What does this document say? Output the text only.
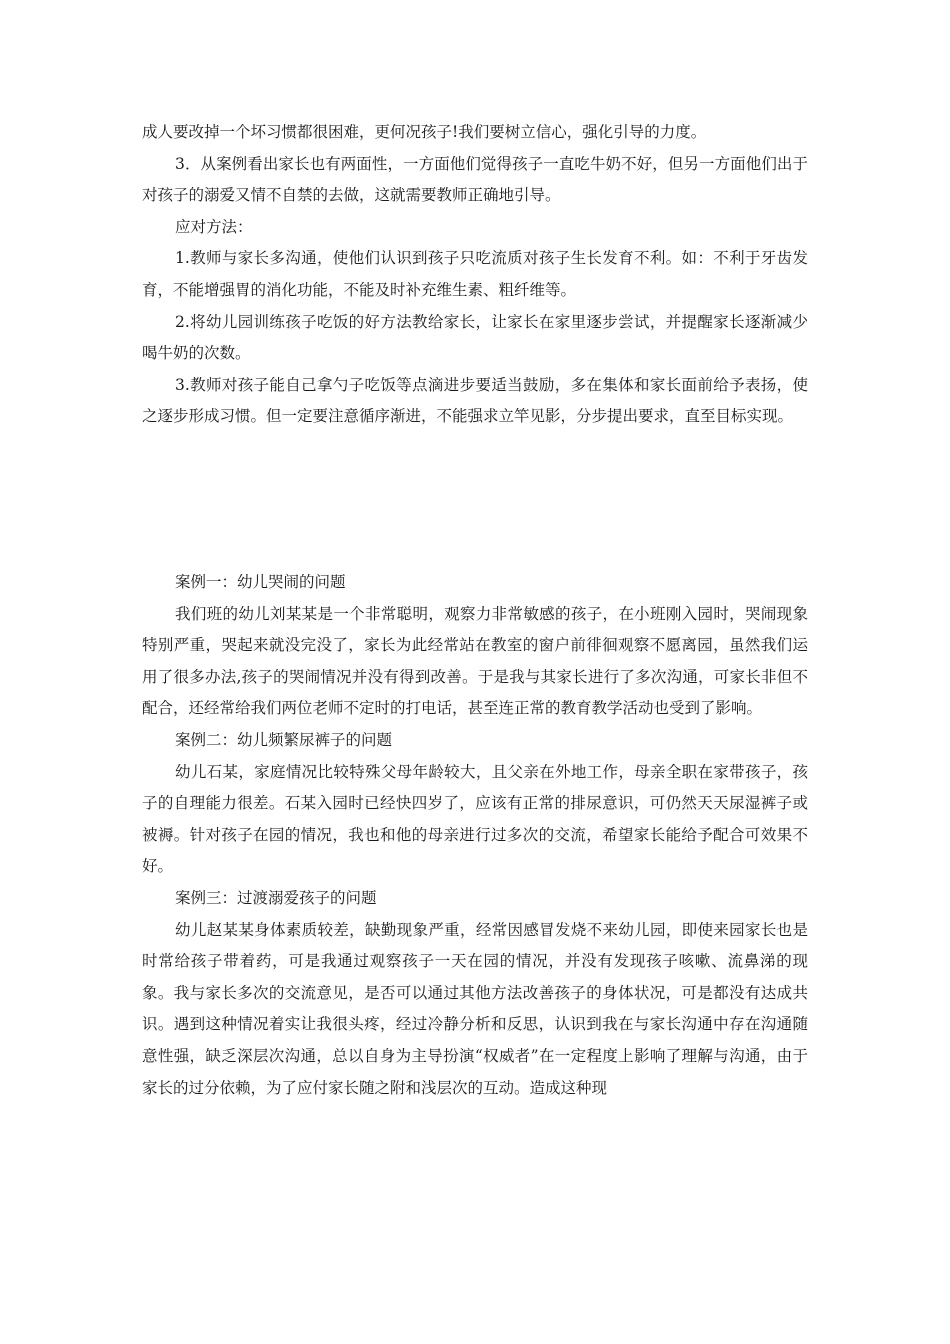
成人要改掉一个坏习惯都很困难，更何况孩子!我们要树立信心，强化引导的力度。

3．从案例看出家长也有两面性，一方面他们觉得孩子一直吃牛奶不好，但另一方面他们出于对孩子的溺爱又情不自禁的去做，这就需要教师正确地引导。

应对方法：

1.教师与家长多沟通，使他们认识到孩子只吃流质对孩子生长发育不利。如：不利于牙齿发育，不能增强胃的消化功能，不能及时补充维生素、粗纤维等。

2.将幼儿园训练孩子吃饭的好方法教给家长，让家长在家里逐步尝试，并提醒家长逐渐减少喝牛奶的次数。

3.教师对孩子能自己拿勺子吃饭等点滴进步要适当鼓励，多在集体和家长面前给予表扬，使之逐步形成习惯。但一定要注意循序渐进，不能强求立竿见影，分步提出要求，直至目标实现。

案例一：幼儿哭闹的问题

我们班的幼儿刘某某是一个非常聪明，观察力非常敏感的孩子，在小班刚入园时，哭闹现象特别严重，哭起来就没完没了，家长为此经常站在教室的窗户前徘徊观察不愿离园，虽然我们运用了很多办法,孩子的哭闹情况并没有得到改善。于是我与其家长进行了多次沟通，可家长非但不配合，还经常给我们两位老师不定时的打电话，甚至连正常的教育教学活动也受到了影响。

案例二：幼儿频繁尿裤子的问题

幼儿石某，家庭情况比较特殊父母年龄较大，且父亲在外地工作，母亲全职在家带孩子，孩子的自理能力很差。石某入园时已经快四岁了，应该有正常的排尿意识，可仍然天天尿湿裤子或被褥。针对孩子在园的情况，我也和他的母亲进行过多次的交流，希望家长能给予配合可效果不好。

案例三：过渡溺爱孩子的问题

幼儿赵某某身体素质较差，缺勤现象严重，经常因感冒发烧不来幼儿园，即使来园家长也是时常给孩子带着药，可是我通过观察孩子一天在园的情况，并没有发现孩子咳嗽、流鼻涕的现象。我与家长多次的交流意见，是否可以通过其他方法改善孩子的身体状况，可是都没有达成共识。遇到这种情况着实让我很头疼，经过冷静分析和反思，认识到我在与家长沟通中存在沟通随意性强，缺乏深层次沟通，总以自身为主导扮演“权威者”在一定程度上影响了理解与沟通，由于家长的过分依赖，为了应付家长随之附和浅层次的互动。造成这种现
